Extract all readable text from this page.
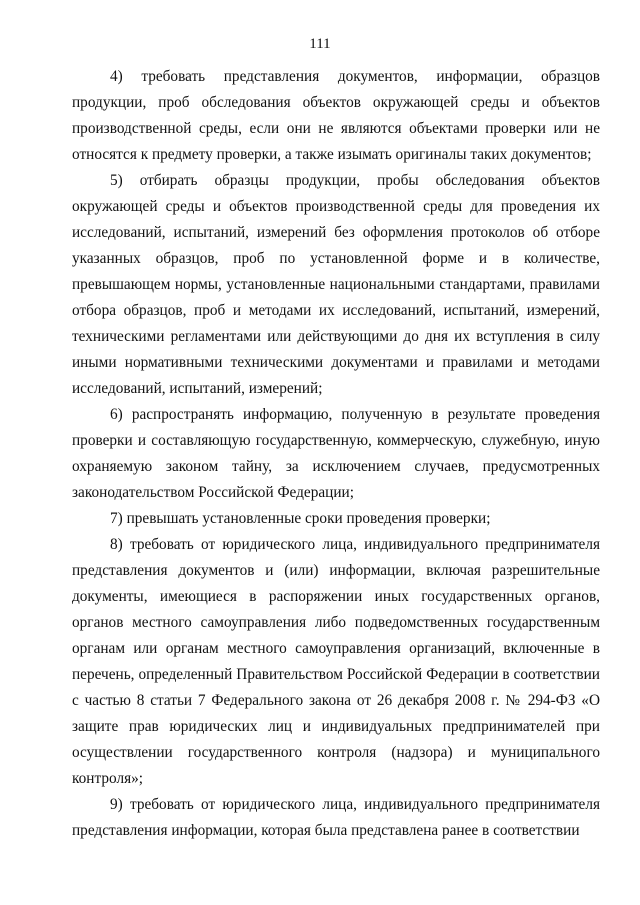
111

4) требовать представления документов, информации, образцов продукции, проб обследования объектов окружающей среды и объектов производственной среды, если они не являются объектами проверки или не относятся к предмету проверки, а также изымать оригиналы таких документов;

5) отбирать образцы продукции, пробы обследования объектов окружающей среды и объектов производственной среды для проведения их исследований, испытаний, измерений без оформления протоколов об отборе указанных образцов, проб по установленной форме и в количестве, превышающем нормы, установленные национальными стандартами, правилами отбора образцов, проб и методами их исследований, испытаний, измерений, техническими регламентами или действующими до дня их вступления в силу иными нормативными техническими документами и правилами и методами исследований, испытаний, измерений;

6) распространять информацию, полученную в результате проведения проверки и составляющую государственную, коммерческую, служебную, иную охраняемую законом тайну, за исключением случаев, предусмотренных законодательством Российской Федерации;

7) превышать установленные сроки проведения проверки;

8) требовать от юридического лица, индивидуального предпринимателя представления документов и (или) информации, включая разрешительные документы, имеющиеся в распоряжении иных государственных органов, органов местного самоуправления либо подведомственных государственным органам или органам местного самоуправления организаций, включенные в перечень, определенный Правительством Российской Федерации в соответствии с частью 8 статьи 7 Федерального закона от 26 декабря 2008 г. № 294-ФЗ «О защите прав юридических лиц и индивидуальных предпринимателей при осуществлении государственного контроля (надзора) и муниципального контроля»;

9) требовать от юридического лица, индивидуального предпринимателя представления информации, которая была представлена ранее в соответствии
